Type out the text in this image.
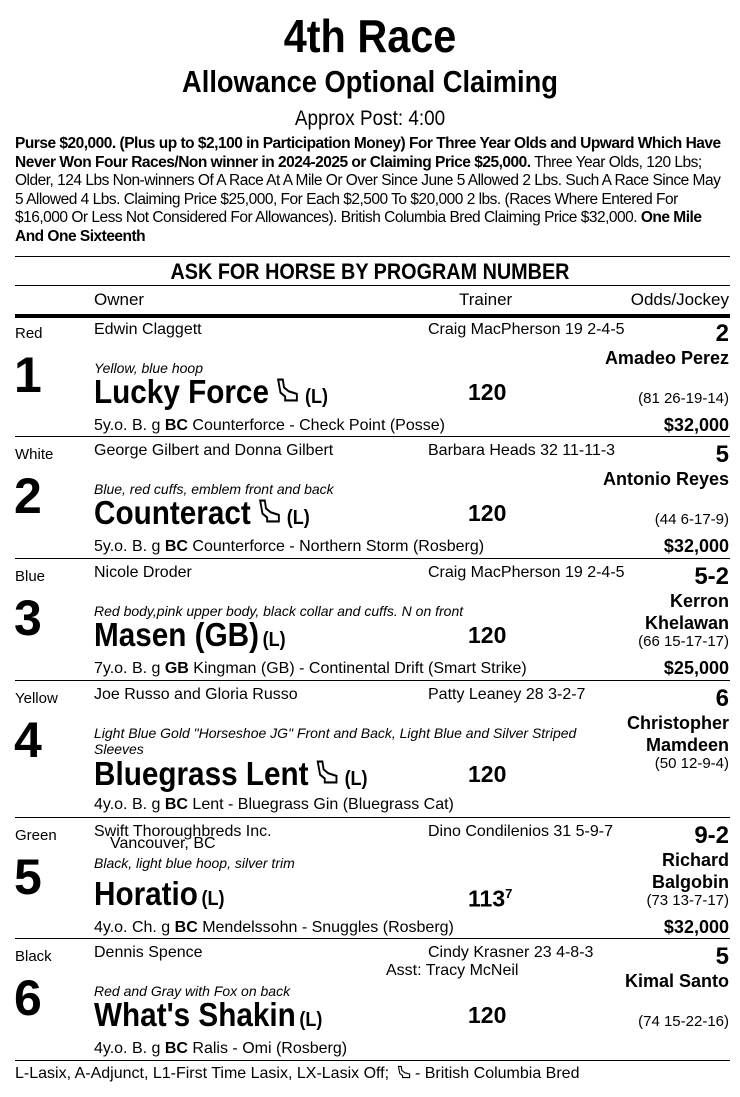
4th Race
Allowance Optional Claiming
Approx Post: 4:00
Purse $20,000. (Plus up to $2,100 in Participation Money) For Three Year Olds and Upward Which Have Never Won Four Races/Non winner in 2024-2025 or Claiming Price $25,000. Three Year Olds, 120 Lbs; Older, 124 Lbs Non-winners Of A Race At A Mile Or Over Since June 5 Allowed 2 Lbs. Such A Race Since May 5 Allowed 4 Lbs. Claiming Price $25,000, For Each $2,500 To $20,000 2 lbs. (Races Where Entered For $16,000 Or Less Not Considered For Allowances). British Columbia Bred Claiming Price $32,000. One Mile And One Sixteenth
ASK FOR HORSE BY PROGRAM NUMBER
Owner	Trainer	Odds/Jockey
Red
1
Edwin Claggett	Craig MacPherson 19 2-4-5
Yellow, blue hoop
Lucky Force (L)	120
5y.o. B. g BC Counterforce - Check Point (Posse)
2
Amadeo Perez
(81 26-19-14)
$32,000
White
2
George Gilbert and Donna Gilbert	Barbara Heads 32 11-11-3
Blue, red cuffs, emblem front and back
Counteract (L)	120
5y.o. B. g BC Counterforce - Northern Storm (Rosberg)
5
Antonio Reyes
(44 6-17-9)
$32,000
Blue
3
Nicole Droder	Craig MacPherson 19 2-4-5
Red body,pink upper body, black collar and cuffs. N on front
Masen (GB) (L)	120
7y.o. B. g GB Kingman (GB) - Continental Drift (Smart Strike)
5-2
Kerron Khelawan
(66 15-17-17)
$25,000
Yellow
4
Joe Russo and Gloria Russo	Patty Leaney 28 3-2-7
Light Blue Gold "Horseshoe JG" Front and Back, Light Blue and Silver Striped Sleeves
Bluegrass Lent (L)	120
4y.o. B. g BC Lent - Bluegrass Gin (Bluegrass Cat)
6
Christopher Mamdeen
(50 12-9-4)
Green
5
Swift Thoroughbreds Inc.
Vancouver, BC
Dino Condilenios 31 5-9-7
Black, light blue hoop, silver trim
Horatio (L)	$113^7$
4y.o. Ch. g BC Mendelssohn - Snuggles (Rosberg)
9-2
Richard Balgobin
(73 13-7-17)
$32,000
Black
6
Dennis Spence	Cindy Krasner 23 4-8-3
Asst: Tracy McNeil
Red and Gray with Fox on back
What's Shakin (L)	120
4y.o. B. g BC Ralis - Omi (Rosberg)
5
Kimal Santo
(74 15-22-16)
L-Lasix, A-Adjunct, L1-First Time Lasix, LX-Lasix Off;  - British Columbia Bred
